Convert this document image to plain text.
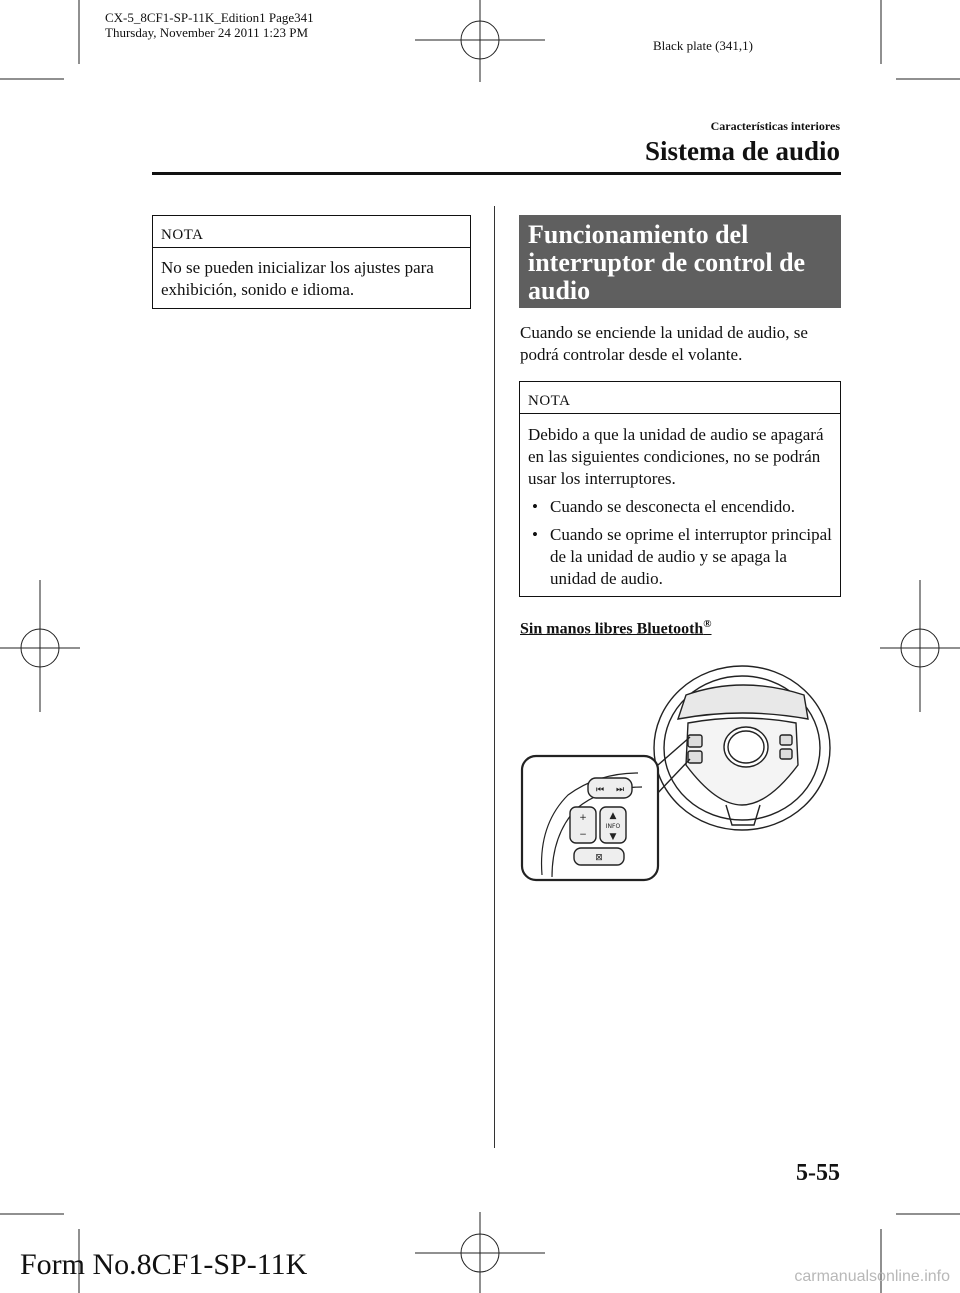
CX-5_8CF1-SP-11K_Edition1 Page341
Thursday, November 24 2011 1:23 PM
Black plate (341,1)
Características interiores
Sistema de audio
NOTA
No se pueden inicializar los ajustes para exhibición, sonido e idioma.
Funcionamiento del interruptor de control de audio
Cuando se enciende la unidad de audio, se podrá controlar desde el volante.
NOTA
Debido a que la unidad de audio se apagará en las siguientes condiciones, no se podrán usar los interruptores.
• Cuando se desconecta el encendido.
• Cuando se oprime el interruptor principal de la unidad de audio y se apaga la unidad de audio.
Sin manos libres Bluetooth®
⏮ ⏭
+
−
▲
INFO
▼
⊠
5-55
Form No.8CF1-SP-11K	carmanualsonline.info
